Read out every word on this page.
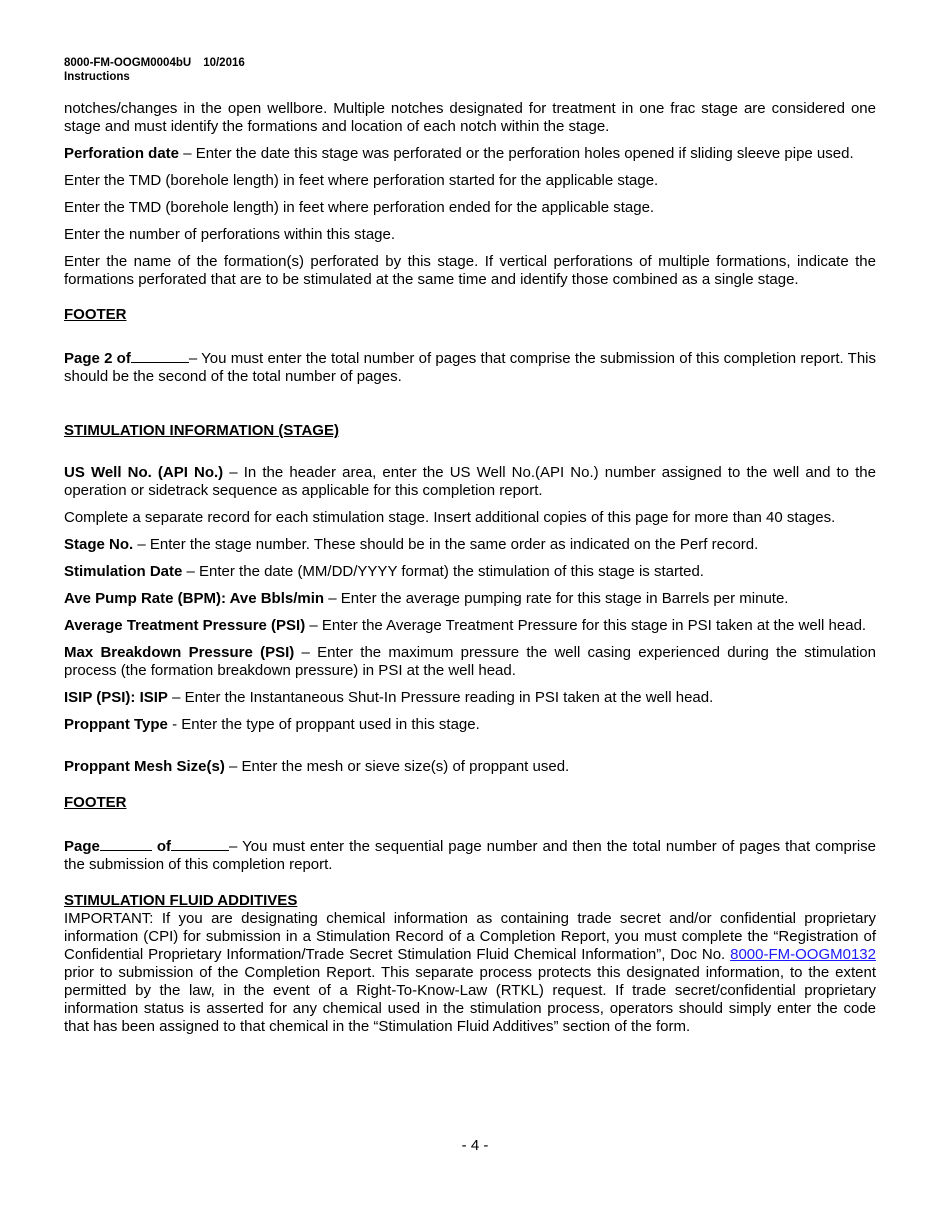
8000-FM-OOGM0004bU 10/2016
Instructions

notches/changes in the open wellbore. Multiple notches designated for treatment in one frac stage are considered one stage and must identify the formations and location of each notch within the stage.

Perforation date – Enter the date this stage was perforated or the perforation holes opened if sliding sleeve pipe used.

Enter the TMD (borehole length) in feet where perforation started for the applicable stage.

Enter the TMD (borehole length) in feet where perforation ended for the applicable stage.

Enter the number of perforations within this stage.

Enter the name of the formation(s) perforated by this stage. If vertical perforations of multiple formations, indicate the formations perforated that are to be stimulated at the same time and identify those combined as a single stage.

FOOTER

Page 2 of	– You must enter the total number of pages that comprise the submission of this completion report. This should be the second of the total number of pages.

STIMULATION INFORMATION (STAGE)

US Well No. (API No.) – In the header area, enter the US Well No.(API No.) number assigned to the well and to the operation or sidetrack sequence as applicable for this completion report.

Complete a separate record for each stimulation stage. Insert additional copies of this page for more than 40 stages.

Stage No. – Enter the stage number. These should be in the same order as indicated on the Perf record.

Stimulation Date – Enter the date (MM/DD/YYYY format) the stimulation of this stage is started.

Ave Pump Rate (BPM): Ave Bbls/min – Enter the average pumping rate for this stage in Barrels per minute.

Average Treatment Pressure (PSI) – Enter the Average Treatment Pressure for this stage in PSI taken at the well head.

Max Breakdown Pressure (PSI) – Enter the maximum pressure the well casing experienced during the stimulation process (the formation breakdown pressure) in PSI at the well head.

ISIP (PSI): ISIP – Enter the Instantaneous Shut-In Pressure reading in PSI taken at the well head.

Proppant Type - Enter the type of proppant used in this stage.

Proppant Mesh Size(s) – Enter the mesh or sieve size(s) of proppant used.

FOOTER

Page	of	– You must enter the sequential page number and then the total number of pages that comprise the submission of this completion report.

STIMULATION FLUID ADDITIVES

IMPORTANT: If you are designating chemical information as containing trade secret and/or confidential proprietary information (CPI) for submission in a Stimulation Record of a Completion Report, you must complete the “Registration of Confidential Proprietary Information/Trade Secret Stimulation Fluid Chemical Information”, Doc No. 8000-FM-OOGM0132 prior to submission of the Completion Report. This separate process protects this designated information, to the extent permitted by the law, in the event of a Right-To-Know-Law (RTKL) request. If trade secret/confidential proprietary information status is asserted for any chemical used in the stimulation process, operators should simply enter the code that has been assigned to that chemical in the “Stimulation Fluid Additives” section of the form.

- 4 -
